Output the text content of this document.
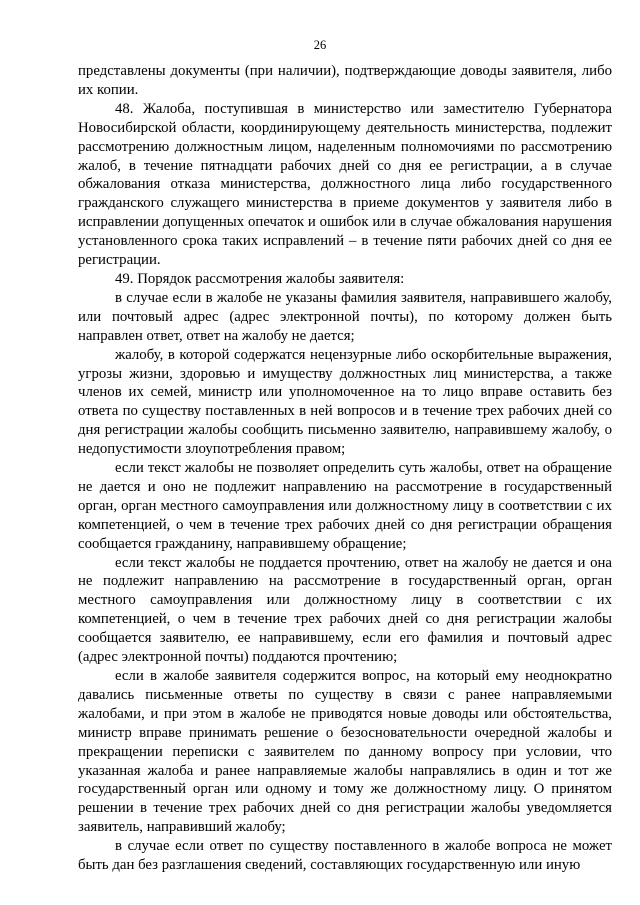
26

представлены документы (при наличии), подтверждающие доводы заявителя, либо их копии.

48. Жалоба, поступившая в министерство или заместителю Губернатора Новосибирской области, координирующему деятельность министерства, подлежит рассмотрению должностным лицом, наделенным полномочиями по рассмотрению жалоб, в течение пятнадцати рабочих дней со дня ее регистрации, а в случае обжалования отказа министерства, должностного лица либо государственного гражданского служащего министерства в приеме документов у заявителя либо в исправлении допущенных опечаток и ошибок или в случае обжалования нарушения установленного срока таких исправлений – в течение пяти рабочих дней со дня ее регистрации.

49. Порядок рассмотрения жалобы заявителя:

в случае если в жалобе не указаны фамилия заявителя, направившего жалобу, или почтовый адрес (адрес электронной почты), по которому должен быть направлен ответ, ответ на жалобу не дается;

жалобу, в которой содержатся нецензурные либо оскорбительные выражения, угрозы жизни, здоровью и имуществу должностных лиц министерства, а также членов их семей, министр или уполномоченное на то лицо вправе оставить без ответа по существу поставленных в ней вопросов и в течение трех рабочих дней со дня регистрации жалобы сообщить письменно заявителю, направившему жалобу, о недопустимости злоупотребления правом;

если текст жалобы не позволяет определить суть жалобы, ответ на обращение не дается и оно не подлежит направлению на рассмотрение в государственный орган, орган местного самоуправления или должностному лицу в соответствии с их компетенцией, о чем в течение трех рабочих дней со дня регистрации обращения сообщается гражданину, направившему обращение;

если текст жалобы не поддается прочтению, ответ на жалобу не дается и она не подлежит направлению на рассмотрение в государственный орган, орган местного самоуправления или должностному лицу в соответствии с их компетенцией, о чем в течение трех рабочих дней со дня регистрации жалобы сообщается заявителю, ее направившему, если его фамилия и почтовый адрес (адрес электронной почты) поддаются прочтению;

если в жалобе заявителя содержится вопрос, на который ему неоднократно давались письменные ответы по существу в связи с ранее направляемыми жалобами, и при этом в жалобе не приводятся новые доводы или обстоятельства, министр вправе принимать решение о безосновательности очередной жалобы и прекращении переписки с заявителем по данному вопросу при условии, что указанная жалоба и ранее направляемые жалобы направлялись в один и тот же государственный орган или одному и тому же должностному лицу. О принятом решении в течение трех рабочих дней со дня регистрации жалобы уведомляется заявитель, направивший жалобу;

в случае если ответ по существу поставленного в жалобе вопроса не может быть дан без разглашения сведений, составляющих государственную или иную
